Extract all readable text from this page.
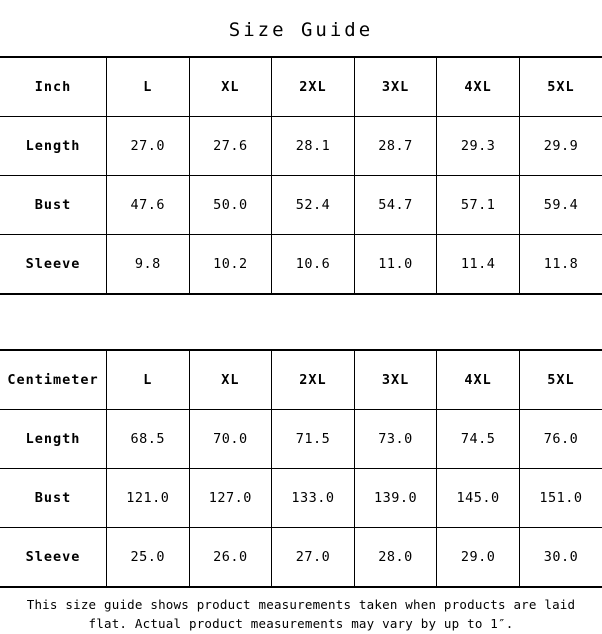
Size Guide
Inch	L	XL	2XL	3XL	4XL	5XL
Length	27.0	27.6	28.1	28.7	29.3	29.9
Bust	47.6	50.0	52.4	54.7	57.1	59.4
Sleeve	9.8	10.2	10.6	11.0	11.4	11.8
Centimeter	L	XL	2XL	3XL	4XL	5XL
Length	68.5	70.0	71.5	73.0	74.5	76.0
Bust	121.0	127.0	133.0	139.0	145.0	151.0
Sleeve	25.0	26.0	27.0	28.0	29.0	30.0
This size guide shows product measurements taken when products are laid flat. Actual product measurements may vary by up to 1″.
